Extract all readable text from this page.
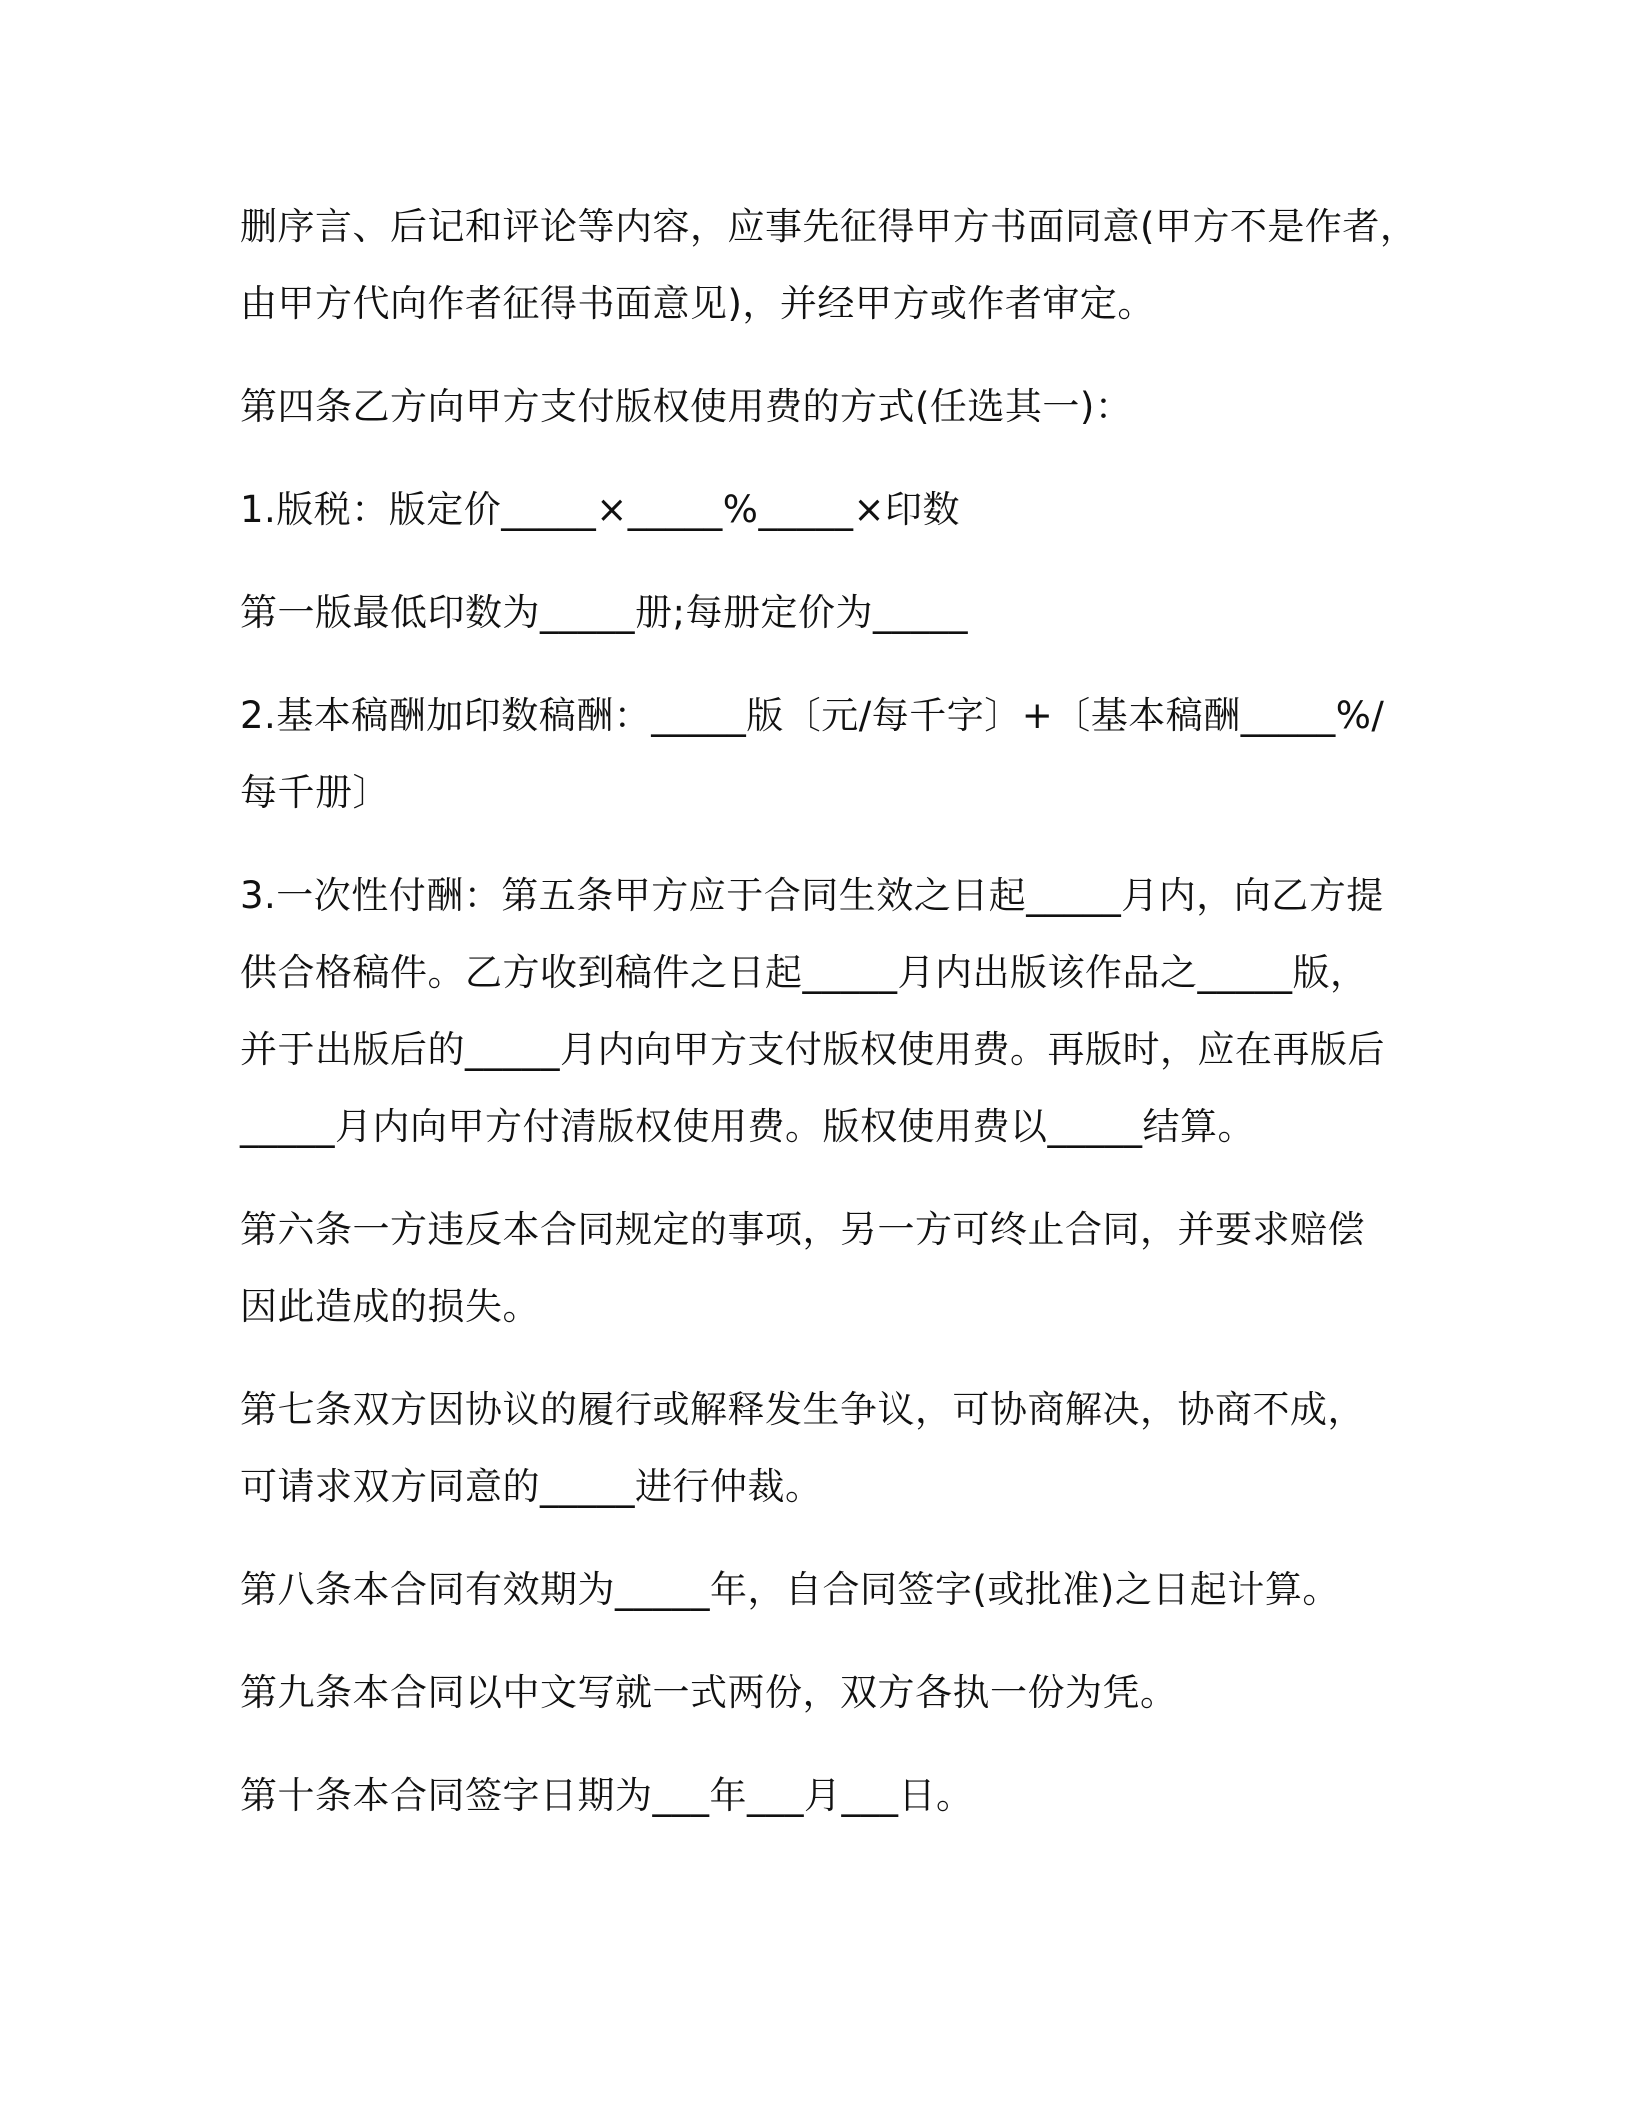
删序言、后记和评论等内容，应事先征得甲方书面同意(甲方不是作者，
由甲方代向作者征得书面意见)，并经甲方或作者审定。

第四条乙方向甲方支付版权使用费的方式(任选其一)：

1.版税：版定价_____×_____%_____×印数

第一版最低印数为_____册;每册定价为_____

2.基本稿酬加印数稿酬：_____版〔元/每千字〕+〔基本稿酬_____%/
每千册〕

3.一次性付酬：第五条甲方应于合同生效之日起_____月内，向乙方提
供合格稿件。乙方收到稿件之日起_____月内出版该作品之_____版，
并于出版后的_____月内向甲方支付版权使用费。再版时，应在再版后
_____月内向甲方付清版权使用费。版权使用费以_____结算。

第六条一方违反本合同规定的事项，另一方可终止合同，并要求赔偿
因此造成的损失。

第七条双方因协议的履行或解释发生争议，可协商解决，协商不成，
可请求双方同意的_____进行仲裁。

第八条本合同有效期为_____年，自合同签字(或批准)之日起计算。

第九条本合同以中文写就一式两份，双方各执一份为凭。

第十条本合同签字日期为___年___月___日。
